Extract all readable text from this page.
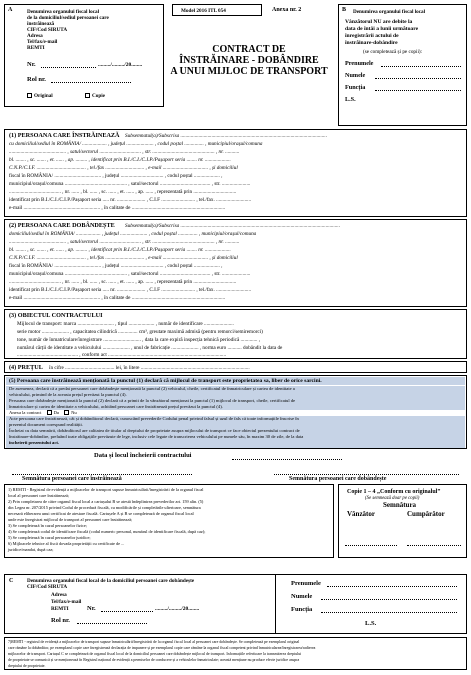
A	Denumirea organului fiscal local
de la domiciliul/sediul persoanei care
înstrăinează
CIF/Cod SIRUTA
Adresa
Tel/fax/e-mail
REMTI
Nr.	........./........./20........
Rol nr.
Original	Copie
Model 2016 ITL 054	Anexa nr. 2
CONTRACT DE
ÎNSTRĂINARE - DOBÂNDIRE
A UNUI MIJLOC DE TRANSPORT
B Denumirea organului fiscal local
Vânzătorul NU are debite la
data de întâi a lunii următoare
înregistrării actului de
înstrăinare-dobândire
(se completează și pe copii):
Prenumele
Numele
Funcția
L.S.
(1) PERSOANA CARE ÎNSTRĂINEAZĂ Subsemnatul(a)/Subscrisa .................................................................................................................
cu domiciliul/sediul în ROMÂNIA/ ................... , județul ..................... , codul poștal ............... , municipiul/orașul/comuna
............................................ , satul/sectorul ................................ , str. ................................................ , nr. ...........
bl. ........ , sc. ....... , et. ...... , ap. ......... , identificat prin B.I./C.I./C.I.P./Pașaport seria ........ nr. ....................
C.N.P./C.I.F. ...................................... , tel./fax .............................. , e-mail ................................... , și domiciliul
fiscal în ROMÂNIA/ .................................... , județul ................................. , codul poștal .................... ,
municipiul/orașul/comuna ................................................ , satul/sectorul ....................................... , str. ......................
........................................ , nr. ...... , bl. ...... , sc. ...... , et. ...... , ap. ...... , reprezentată prin .................................
identificat prin B.I./C.I./C.I.P./Pașaport seria ..... nr. ...................... , C.I.F .......................... , tel./fax. ...........................
e-mail ........................................................... , în calitate de ........................................................................
(2) PERSOANA CARE DOBÂNDEȘTE Subsemnatul(a)/Subscrisa ...........................................................................................................................
domiciliul/sediul în ROMÂNIA/ ................... , județul ..................... , codul poștal ............... , municipiul/orașul/comuna
............................................ , satul/sectorul ................................ , str. ................................................ , nr. ...........
bl. ........ , sc. ....... , et. ...... , ap. ......... , identificat prin B.I./C.I./C.I.P./Pașaport seria ........ nr. ....................
C.N.P./C.I.F. ...................................... , tel./fax .............................. , e-mail ................................... , și domiciliul
fiscal în ROMÂNIA/ .................................... , județul ................................. , codul poștal .................... ,
municipiul/orașul/comuna ................................................ , satul/sectorul ....................................... , str. ......................
........................................ , nr. ...... , bl. ...... , sc. ...... , et. ...... , ap. ...... , reprezentată prin .................................
identificat prin B.I./C.I./C.I.P./Pașaport seria ..... nr. ...................... , C.I.F .......................... , tel./fax. ...........................
e-mail ........................................................... , în calitate de ........................................................................
(3) OBIECTUL CONTRACTULUI
Mijlocul de transport: marca ............................ , tipul .................... , număr de identificare .......................
serie motor ..................... , capacitatea cilindrică ............... cm³, greutate maximă admisă (pentru remorci/semiremorci)
tone, număr de înmatriculare/înregistrare ............................. , data la care expiră inspecția tehnică periodică ............. ,
numărul cărții de identitate a vehiculului ..................... , unul de fabricație ..................... , norma euro ........... dobândit la data de
............................................... , conform act ...........................................................................................
(4) PREȚUL în cifre ...................................... lei, în litere ....................................................................................
(5) Persoana care înstrăinează menționată la punctul (1) declară că mijlocul de transport este proprietatea sa, liber de orice sarcini.
De asemenea, declară că a predat persoanei care dobândește menționată la punctul (2) vehiculul, cheile, certificatul de înmatriculare și cartea de identitate a
vehiculului, primind de la aceasta prețul prevăzut la punctul (4).
Persoana care dobândește menționată la punctul (2) declară că a primit de la vânzătorul menționat la punctul (1) mijlocul de transport, cheile, certificatul de
înmatriculare și cartea de identitate a vehiculului, achitând persoanei care înstrăinează prețul prevăzut la punctul (4).
Anexa la contract	Da	Nu
Acte persoana care înstrăinează, cât și dobânditorul declară, cunoscând prevederile Codului penal privind falsul și uzul de fals că toate informațiile înscrise în
prezentul document corespund realității.
Încheiat cu data semnării, dobânditorul are calitatea de titular al dreptului de proprietate asupra mijlocului de transport ce face obiectul prezentului contract de
înstrăinare-dobândire, preluând toate obligațiile prevăzute de lege, inclusiv cele legate de transcrierea vehiculului pe numele său, în maxim 30 de zile, de la data
încheierii prezentului act.
Data și locul încheierii contractului
Semnătura persoanei care înstrăinează	Semnătura persoanei care dobândește
1) REMTI - Registrul de evidență a mijloacelor de transport supuse înmatriculării/înregistrării de la organul fiscal
local al persoanei care înstrăinează;
2) Prin completarea de către organul fiscal local a cartușului B se atestă îndeplinirea prevederilor art. 159 alin. (5)
din Legea nr. 207/2015 privind Codul de procedură fiscală, cu modificările și completările ulterioare, semnătura
necesară eliberarea unui certificat de atestare fiscală. Cartușele A și B se completează de organul fiscal local
unde este înregistrat mijlocul de transport al persoanei care înstrăinează;
3) Se completează în cazul persoanelor fizice;
4) Se completează codul de identificare fiscală (codul numeric personal, numărul de identificare fiscală, după caz);
5) Se completează în cazul persoanelor juridice;
6) Mijloacele tehnice al fiscă dovada proprietății cu certificate de ...
juridice/mandat, după caz;
Copie 1 – 4 „Conform cu originalul”
(Se semnează doar pe copii)
Semnătura
Vânzător	Cumpărător
C	Denumirea organului fiscal local de la domiciliul persoanei care dobândește
CIF/Cod SIRUTA
Adresa
Tel/fax/e-mail
REMTI	Nr.	........./........./20........
Rol nr.
Prenumele
Numele
Funcția
L.S.
7)REMTI - registrul de evidență a mijloacelor de transport supuse înmatriculării/înregistrării de la organul fiscal local al persoanei care dobândește. Se completează pe exemplarul original
care rămâne la dobânditor, pe exemplarul copie care înregistrează declarația de impunere și pe exemplarul copie care rămâne la organul fiscal competent privind înmatricularea/înregistrarea/radierea
mijloacelor de transport. Cartușul C se completează de organul fiscal local de la domiciliul persoanei care dobândește mijlocul de transport. Informațiile referitoare la transmiterea dreptului
de proprietate se comunică și se menționează în Registrul național de evidență a permiselor de conducere și a vehiculelor înmatriculate; această mențiune nu produce efecte juridice asupra
dreptului de proprietate.
